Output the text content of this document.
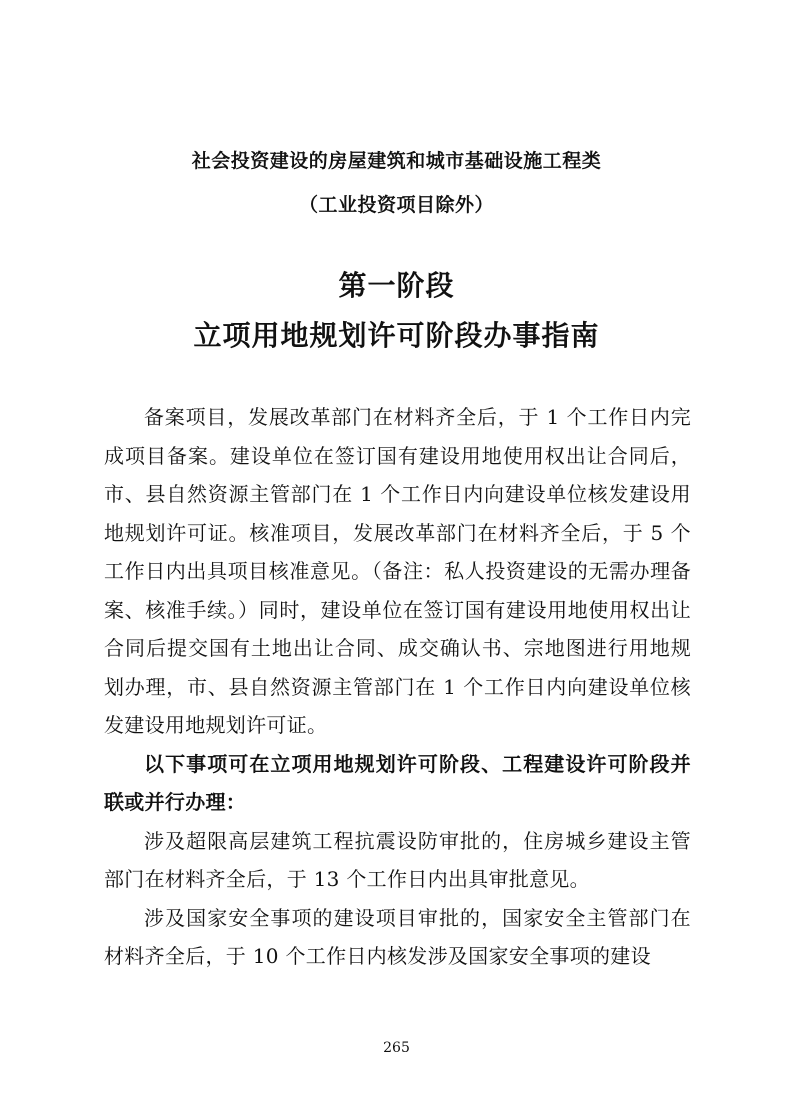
社会投资建设的房屋建筑和城市基础设施工程类
（工业投资项目除外）
第一阶段
立项用地规划许可阶段办事指南

备案项目，发展改革部门在材料齐全后，于 1 个工作日内完成项目备案。建设单位在签订国有建设用地使用权出让合同后，市、县自然资源主管部门在 1 个工作日内向建设单位核发建设用地规划许可证。核准项目，发展改革部门在材料齐全后，于 5 个工作日内出具项目核准意见。（备注：私人投资建设的无需办理备案、核准手续。）同时，建设单位在签订国有建设用地使用权出让合同后提交国有土地出让合同、成交确认书、宗地图进行用地规划办理，市、县自然资源主管部门在 1 个工作日内向建设单位核发建设用地规划许可证。

以下事项可在立项用地规划许可阶段、工程建设许可阶段并联或并行办理：

涉及超限高层建筑工程抗震设防审批的，住房城乡建设主管部门在材料齐全后，于 13 个工作日内出具审批意见。

涉及国家安全事项的建设项目审批的，国家安全主管部门在材料齐全后，于 10 个工作日内核发涉及国家安全事项的建设

265
